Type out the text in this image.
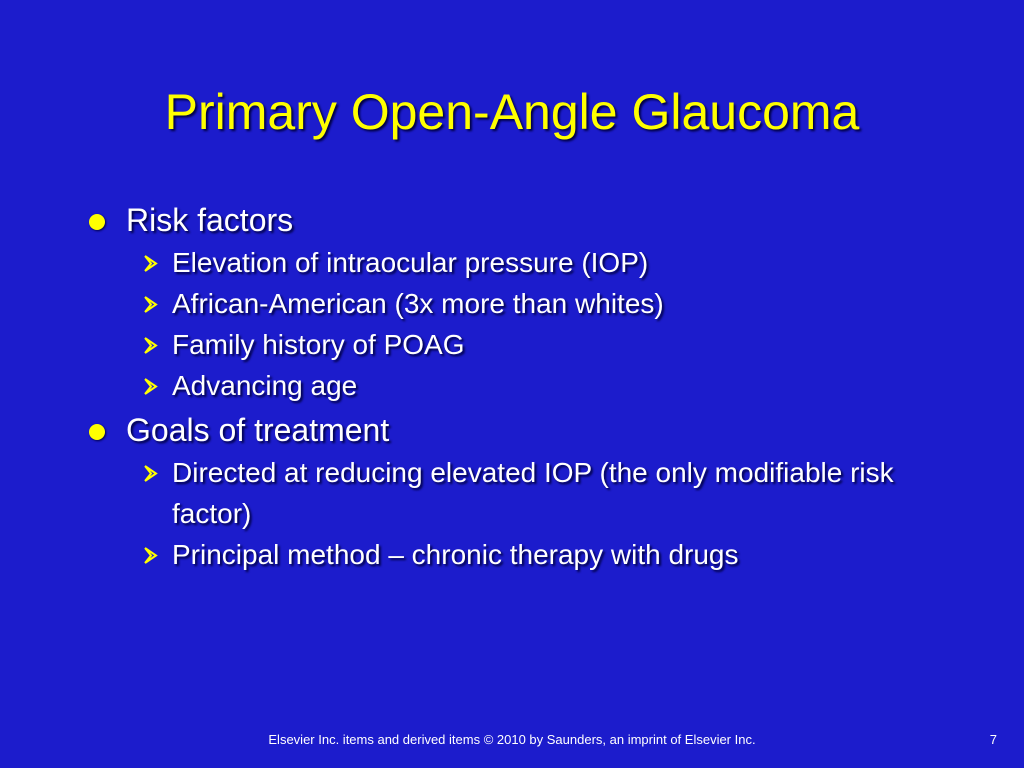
Primary Open-Angle Glaucoma
Risk factors
Elevation of intraocular pressure (IOP)
African-American (3x more than whites)
Family history of POAG
Advancing age
Goals of treatment
Directed at reducing elevated IOP (the only modifiable risk factor)
Principal method – chronic therapy with drugs
Elsevier Inc. items and derived items © 2010 by Saunders, an imprint of Elsevier Inc.	7
